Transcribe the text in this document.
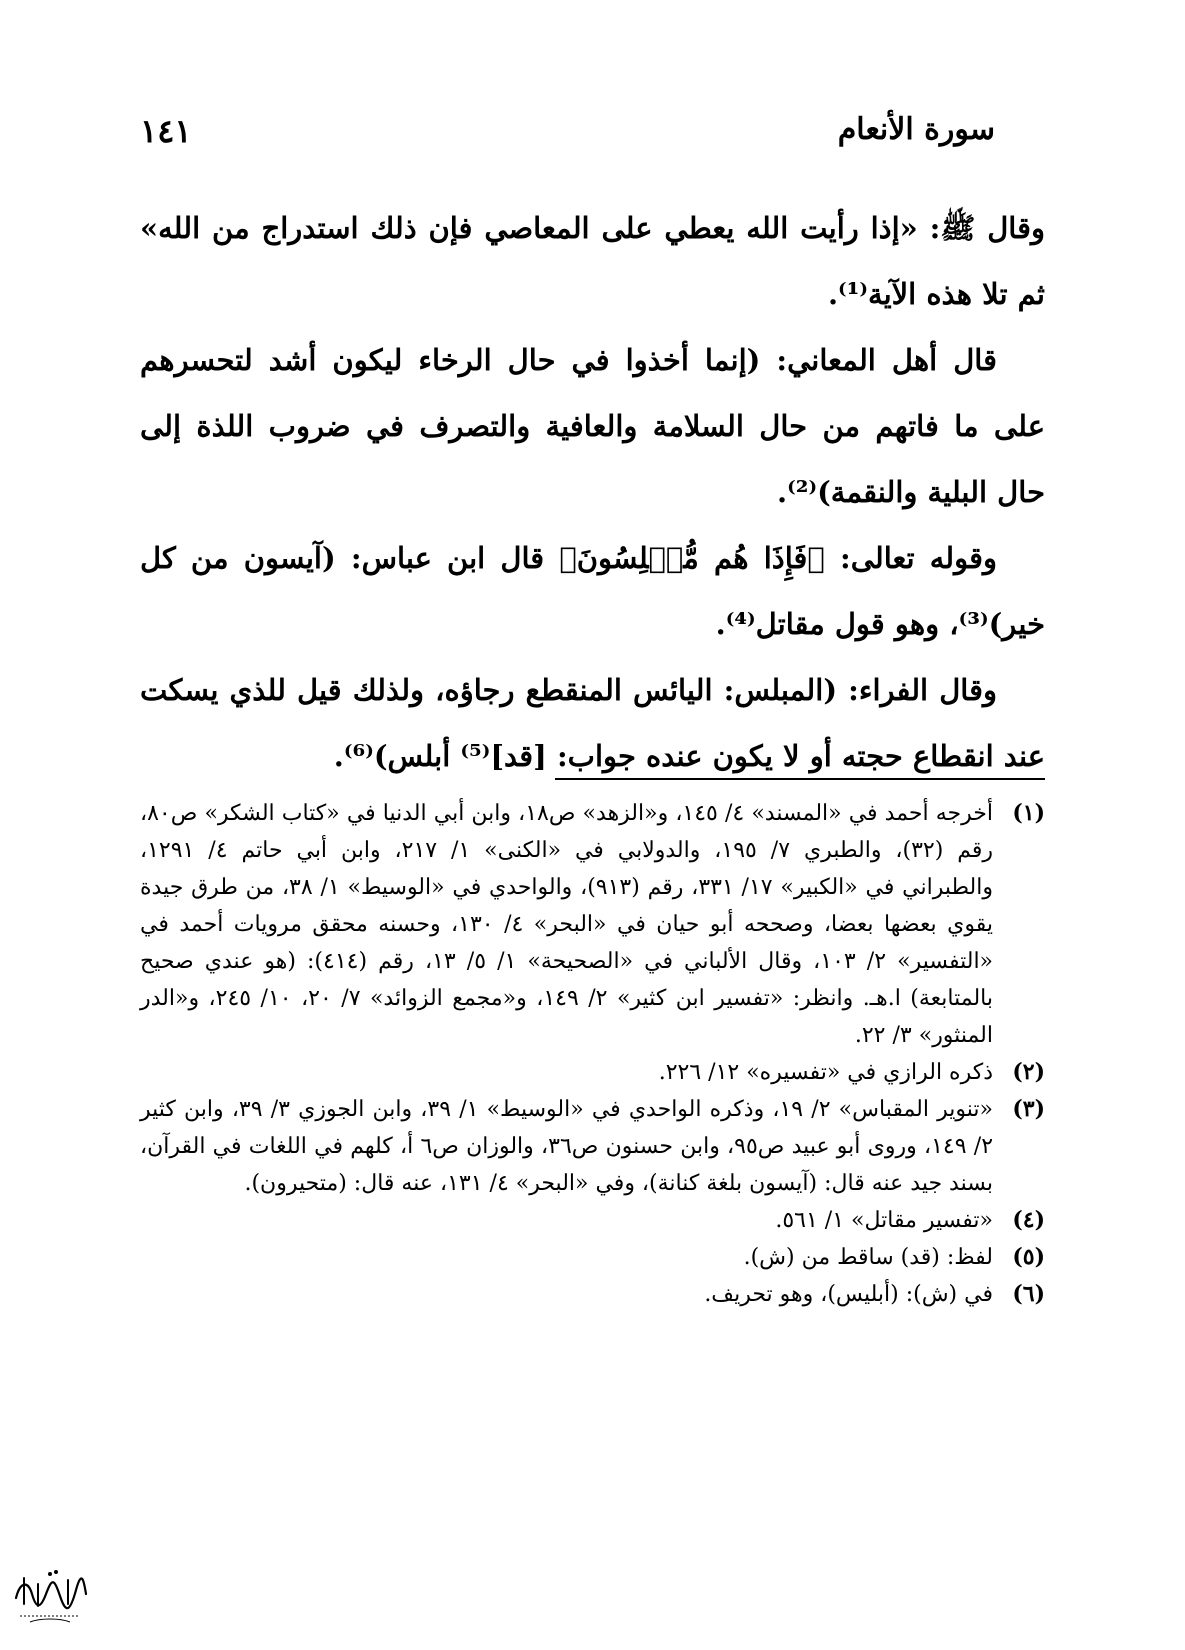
سورة الأنعام
١٤١

وقال ﷺ: «إذا رأيت الله يعطي على المعاصي فإن ذلك استدراج من الله» ثم تلا هذه الآية⁽¹⁾.

قال أهل المعاني: (إنما أخذوا في حال الرخاء ليكون أشد لتحسرهم على ما فاتهم من حال السلامة والعافية والتصرف في ضروب اللذة إلى حال البلية والنقمة)⁽²⁾.

وقوله تعالى: ﴿فَإِذَا هُم مُّبۡلِسُونَ﴾ قال ابن عباس: (آيسون من كل خير)⁽³⁾، وهو قول مقاتل⁽⁴⁾.

وقال الفراء: (المبلس: اليائس المنقطع رجاؤه، ولذلك قيل للذي يسكت عند انقطاع حجته أو لا يكون عنده جواب: [قد]⁽⁵⁾ أبلس)⁽⁶⁾.

(١)
أخرجه أحمد في «المسند» ٤/ ١٤٥، و«الزهد» ص١٨، وابن أبي الدنيا في «كتاب الشكر» ص٨٠، رقم (٣٢)، والطبري ٧/ ١٩٥، والدولابي في «الكنى» ١/ ٢١٧، وابن أبي حاتم ٤/ ١٢٩١، والطبراني في «الكبير» ١٧/ ٣٣١، رقم (٩١٣)، والواحدي في «الوسيط» ١/ ٣٨، من طرق جيدة يقوي بعضها بعضا، وصححه أبو حيان في «البحر» ٤/ ١٣٠، وحسنه محقق مرويات أحمد في «التفسير» ٢/ ١٠٣، وقال الألباني في «الصحيحة» ١/ ٥/ ١٣، رقم (٤١٤): (هو عندي صحيح بالمتابعة) ا.هـ. وانظر: «تفسير ابن كثير» ٢/ ١٤٩، و«مجمع الزوائد» ٧/ ٢٠، ١٠/ ٢٤٥، و«الدر المنثور» ٣/ ٢٢.
(٢)
ذكره الرازي في «تفسيره» ١٢/ ٢٢٦.
(٣)
«تنوير المقباس» ٢/ ١٩، وذكره الواحدي في «الوسيط» ١/ ٣٩، وابن الجوزي ٣/ ٣٩، وابن كثير ٢/ ١٤٩، وروى أبو عبيد ص٩٥، وابن حسنون ص٣٦، والوزان ص٦ أ، كلهم في اللغات في القرآن، بسند جيد عنه قال: (آيسون بلغة كنانة)، وفي «البحر» ٤/ ١٣١، عنه قال: (متحيرون).
(٤)
«تفسير مقاتل» ١/ ٥٦١.
(٥)
لفظ: (قد) ساقط من (ش).
(٦)
في (ش): (أبليس)، وهو تحريف.
